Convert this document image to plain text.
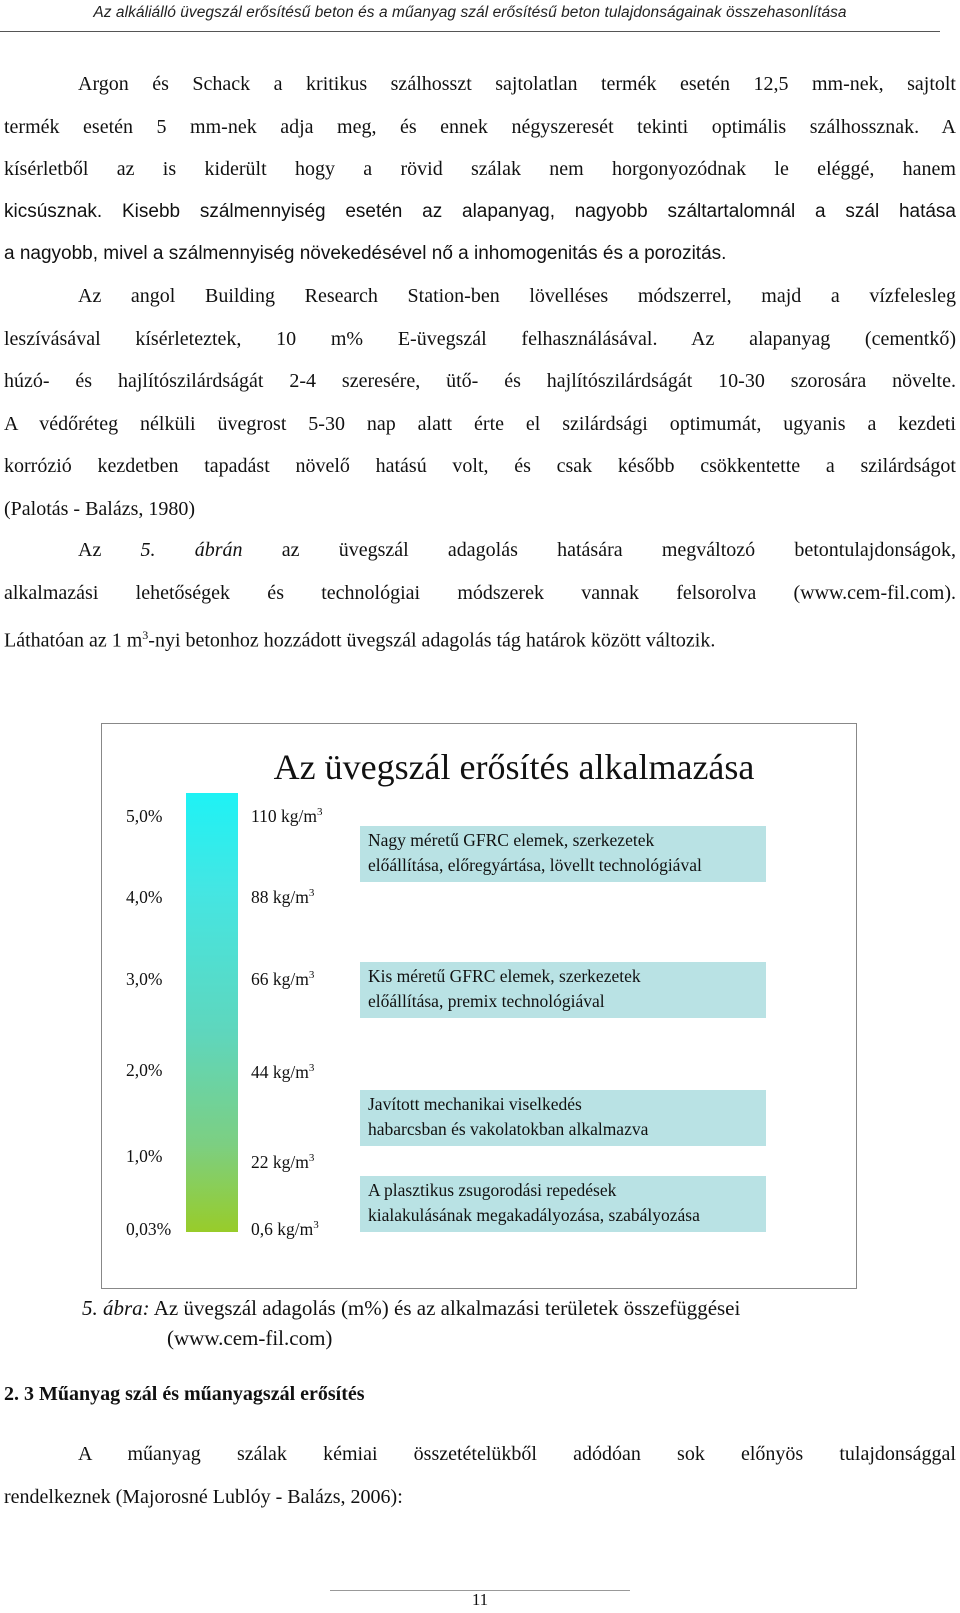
Az alkáliálló üvegszál erősítésű beton és a műanyag szál erősítésű beton tulajdonságainak összehasonlítása
Argon és Schack a kritikus szálhosszt sajtolatlan termék esetén 12,5 mm-nek, sajtolt
termék esetén 5 mm-nek adja meg, és ennek négyszeresét tekinti optimális szálhossznak. A
kísérletből az is kiderült hogy a rövid szálak nem horgonyozódnak le eléggé, hanem
kicsúsznak. Kisebb szálmennyiség esetén az alapanyag, nagyobb száltartalomnál a szál hatása
a nagyobb, mivel a szálmennyiség növekedésével nő a inhomogenitás és a porozitás.
Az angol Building Research Station-ben lövelléses módszerrel, majd a vízfelesleg
leszívásával kísérleteztek, 10 m% E-üvegszál felhasználásával. Az alapanyag (cementkő)
húzó- és hajlítószilárdságát 2-4 szeresére, ütő- és hajlítószilárdságát 10-30 szorosára növelte.
A védőréteg nélküli üvegrost 5-30 nap alatt érte el szilárdsági optimumát, ugyanis a kezdeti
korrózió kezdetben tapadást növelő hatású volt, és csak később csökkentette a szilárdságot
(Palotás - Balázs, 1980)
Az 5. ábrán az üvegszál adagolás hatására megváltozó betontulajdonságok,
alkalmazási lehetőségek és technológiai módszerek vannak felsorolva (www.cem-fil.com).
Láthatóan az 1 $m^3$-nyi betonhoz hozzádott üvegszál adagolás tág határok között változik.
Az üvegszál erősítés alkalmazása
5,0%	110 $kg/m^3$
4,0%	88 $kg/m^3$
3,0%	66 $kg/m^3$
2,0%	44 $kg/m^3$
1,0%	22 $kg/m^3$
0,03%	0,6 $kg/m^3$
Nagy méretű GFRC elemek, szerkezetek
előállítása, előregyártása, lövellt technológiával
Kis méretű GFRC elemek, szerkezetek
előállítása, premix technológiával
Javított mechanikai viselkedés
habarcsban és vakolatokban alkalmazva
A plasztikus zsugorodási repedések
kialakulásának megakadályozása, szabályozása
5. ábra: Az üvegszál adagolás (m%) és az alkalmazási területek összefüggései
(www.cem-fil.com)
2. 3 Műanyag szál és műanyagszál erősítés
A műanyag szálak kémiai összetételükből adódóan sok előnyös tulajdonsággal
rendelkeznek (Majorosné Lublóy - Balázs, 2006):
11
